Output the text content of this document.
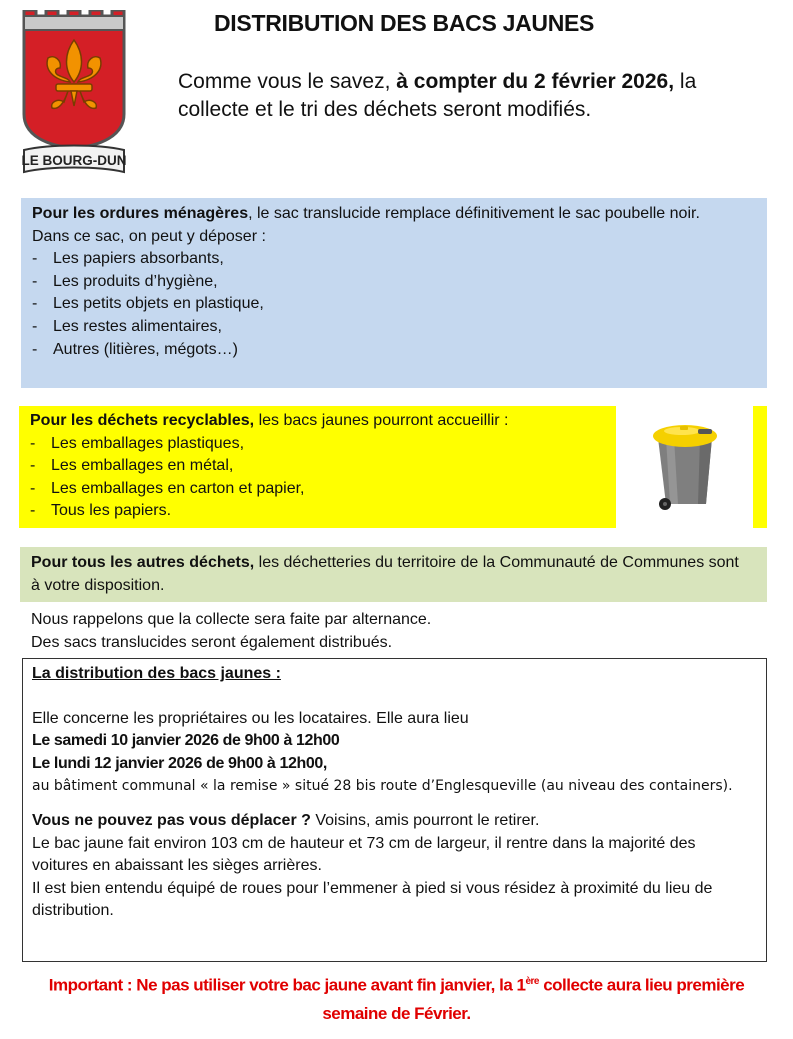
DISTRIBUTION DES BACS JAUNES
LE BOURG-DUN
Comme vous le savez, à compter du 2 février 2026, la collecte et le tri des déchets seront modifiés.
Pour les ordures ménagères, le sac translucide remplace définitivement le sac poubelle noir.
Dans ce sac, on peut y déposer :
- Les papiers absorbants,
- Les produits d’hygiène,
- Les petits objets en plastique,
- Les restes alimentaires,
- Autres (litières, mégots…)
Pour les déchets recyclables, les bacs jaunes pourront accueillir :
- Les emballages plastiques,
- Les emballages en métal,
- Les emballages en carton et papier,
- Tous les papiers.
Pour tous les autres déchets, les déchetteries du territoire de la Communauté de Communes sont à votre disposition.
Nous rappelons que la collecte sera faite par alternance.
Des sacs translucides seront également distribués.
La distribution des bacs jaunes :
Elle concerne les propriétaires ou les locataires. Elle aura lieu
Le samedi 10 janvier 2026 de 9h00 à 12h00
Le lundi 12 janvier 2026 de 9h00 à 12h00,
au bâtiment communal « la remise » situé 28 bis route d’Englesqueville (au niveau des containers).
Vous ne pouvez pas vous déplacer ? Voisins, amis pourront le retirer.
Le bac jaune fait environ 103 cm de hauteur et 73 cm de largeur, il rentre dans la majorité des voitures en abaissant les sièges arrières.
Il est bien entendu équipé de roues pour l’emmener à pied si vous résidez à proximité du lieu de distribution.
Important : Ne pas utiliser votre bac jaune avant fin janvier, la 1ère collecte aura lieu première semaine de Février.
